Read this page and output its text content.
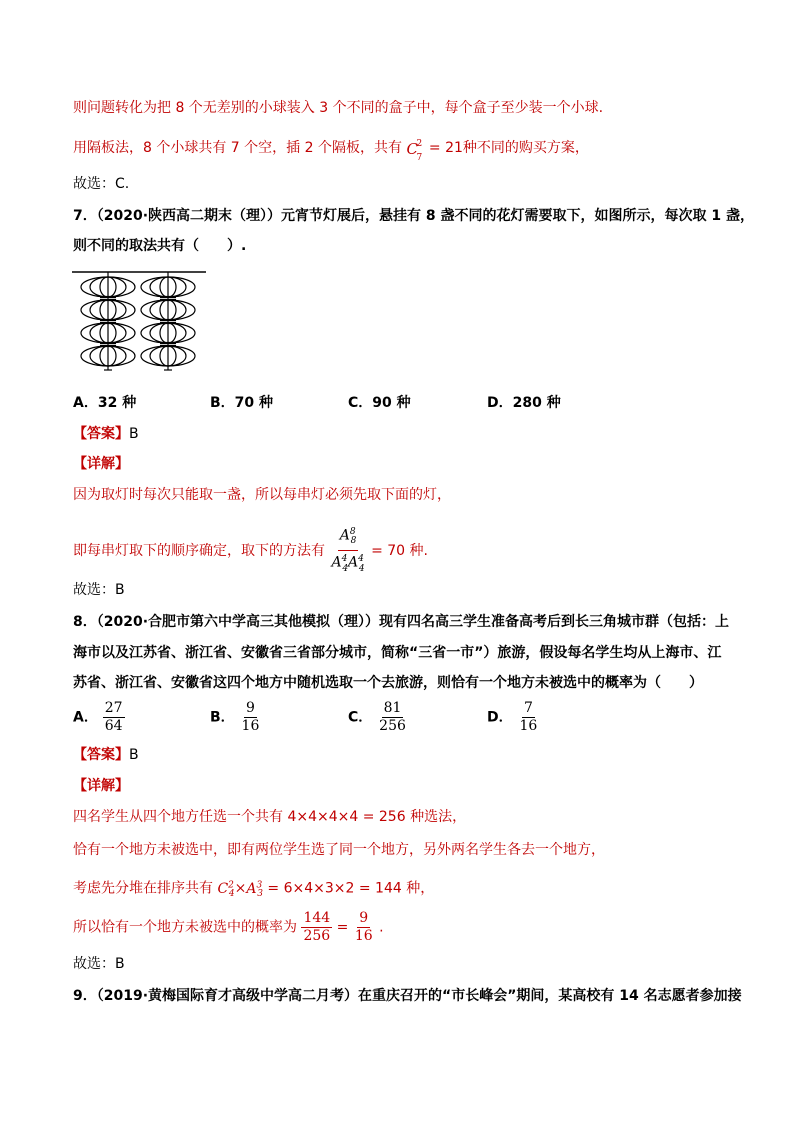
则问题转化为把 8 个无差别的小球装入 3 个不同的盒子中，每个盒子至少装一个小球.
用隔板法，8 个小球共有 7 个空，插 2 个隔板，共有 C
2
7
= 21种不同的购买方案，
故选：C.
7．（2020·陕西高二期末（理））元宵节灯展后，悬挂有 8 盏不同的花灯需要取下，如图所示，每次取 1 盏，
则不同的取法共有（　　）.
A．32 种	B．70 种	C．90 种	D．280 种
【答案】B
【详解】
因为取灯时每次只能取一盏，所以每串灯必须先取下面的灯，
即每串灯取下的顺序确定，取下的方法有 $\frac{A^8_8}{A^4_4A^4_4} = 70$ 种.
故选：B
8．（2020·合肥市第六中学高三其他模拟（理））现有四名高三学生准备高考后到长三角城市群（包括：上
海市以及江苏省、浙江省、安徽省三省部分城市，简称“三省一市”）旅游，假设每名学生均从上海市、江
苏省、浙江省、安徽省这四个地方中随机选取一个去旅游，则恰有一个地方未被选中的概率为（　　）
A． $\frac{27}{64}$	B． $\frac{9}{16}$	C． $\frac{81}{256}$	D． $\frac{7}{16}$
【答案】B
【详解】
四名学生从四个地方任选一个共有 4×4×4×4 = 256 种选法，
恰有一个地方未被选中，即有两位学生选了同一个地方，另外两名学生各去一个地方，
考虑先分堆在排序共有 $C^2_4\times A^3_3 = 6\times 4\times 3\times 2 = 144$ 种，
所以恰有一个地方未被选中的概率为 $\frac{144}{256} = \frac{9}{16}$ .
故选：B
9．（2019·黄梅国际育才高级中学高二月考）在重庆召开的“市长峰会”期间，某高校有 14 名志愿者参加接
